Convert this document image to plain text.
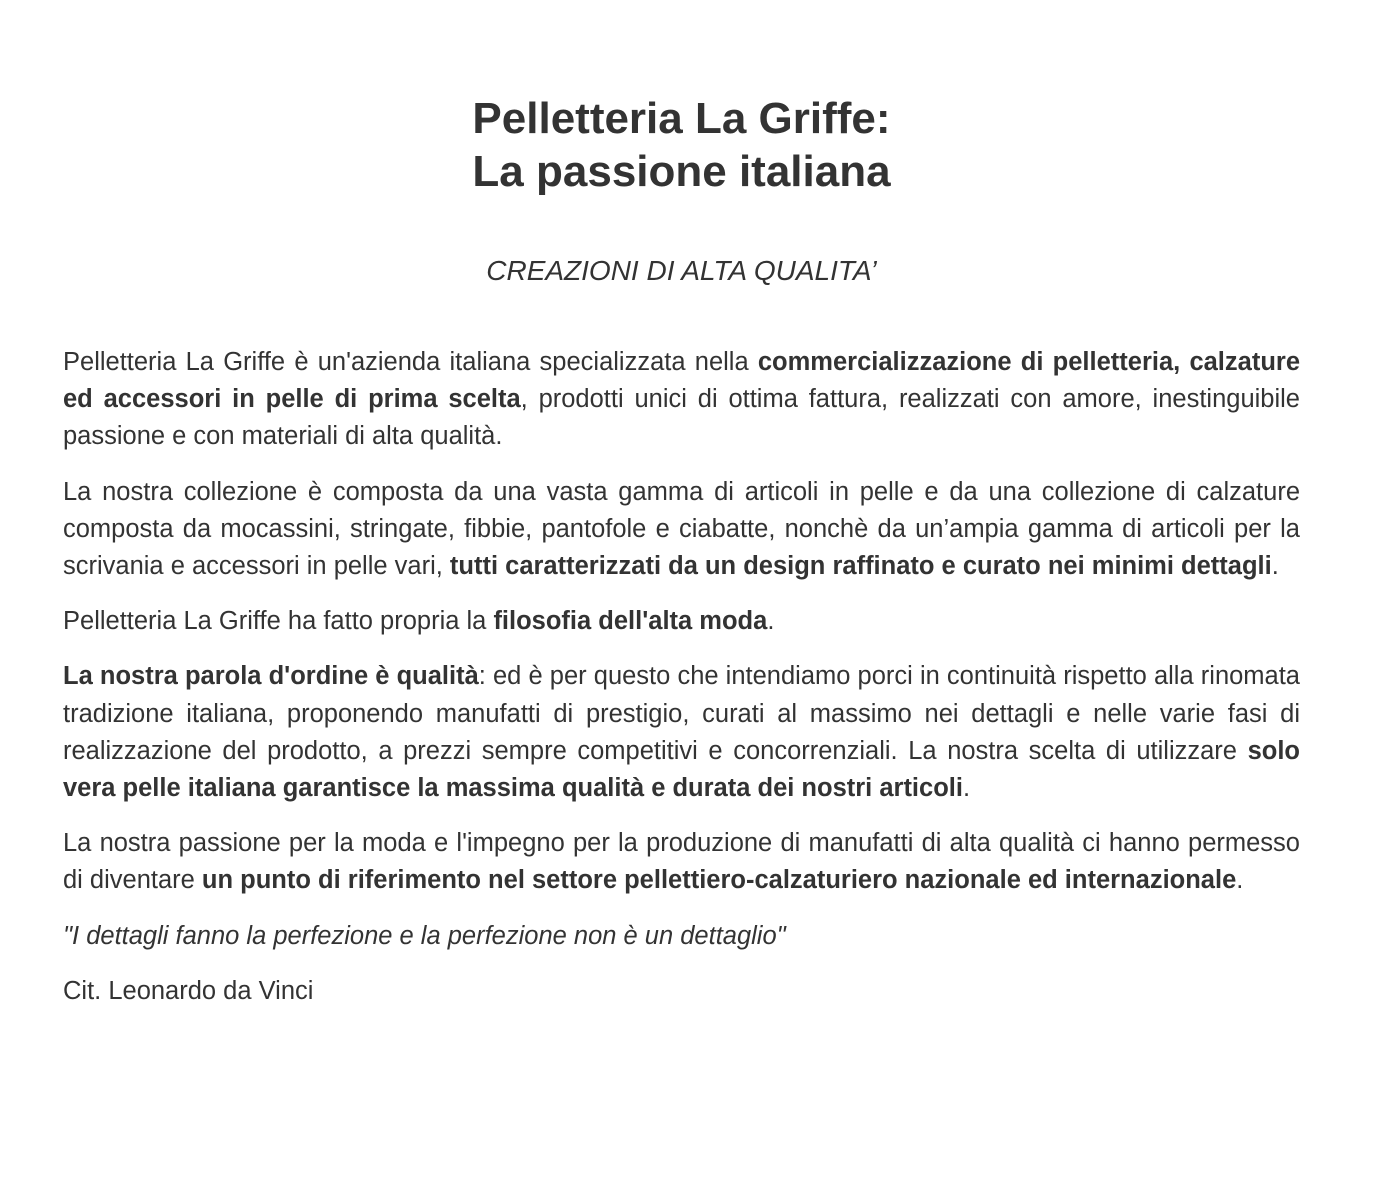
Pelletteria La Griffe:
La passione italiana
CREAZIONI DI ALTA QUALITA’

Pelletteria La Griffe è un'azienda italiana specializzata nella commercializzazione di pelletteria, calzature ed accessori in pelle di prima scelta, prodotti unici di ottima fattura, realizzati con amore, inestinguibile passione e con materiali di alta qualità.

La nostra collezione è composta da una vasta gamma di articoli in pelle e da una collezione di calzature composta da mocassini, stringate, fibbie, pantofole e ciabatte, nonchè da un’ampia gamma di articoli per la scrivania e accessori in pelle vari, tutti caratterizzati da un design raffinato e curato nei minimi dettagli.

Pelletteria La Griffe ha fatto propria la filosofia dell'alta moda.

La nostra parola d'ordine è qualità: ed è per questo che intendiamo porci in continuità rispetto alla rinomata tradizione italiana, proponendo manufatti di prestigio, curati al massimo nei dettagli e nelle varie fasi di realizzazione del prodotto, a prezzi sempre competitivi e concorrenziali. La nostra scelta di utilizzare solo vera pelle italiana garantisce la massima qualità e durata dei nostri articoli.

La nostra passione per la moda e l'impegno per la produzione di manufatti di alta qualità ci hanno permesso di diventare un punto di riferimento nel settore pellettiero-calzaturiero nazionale ed internazionale.

"I dettagli fanno la perfezione e la perfezione non è un dettaglio"

Cit. Leonardo da Vinci
